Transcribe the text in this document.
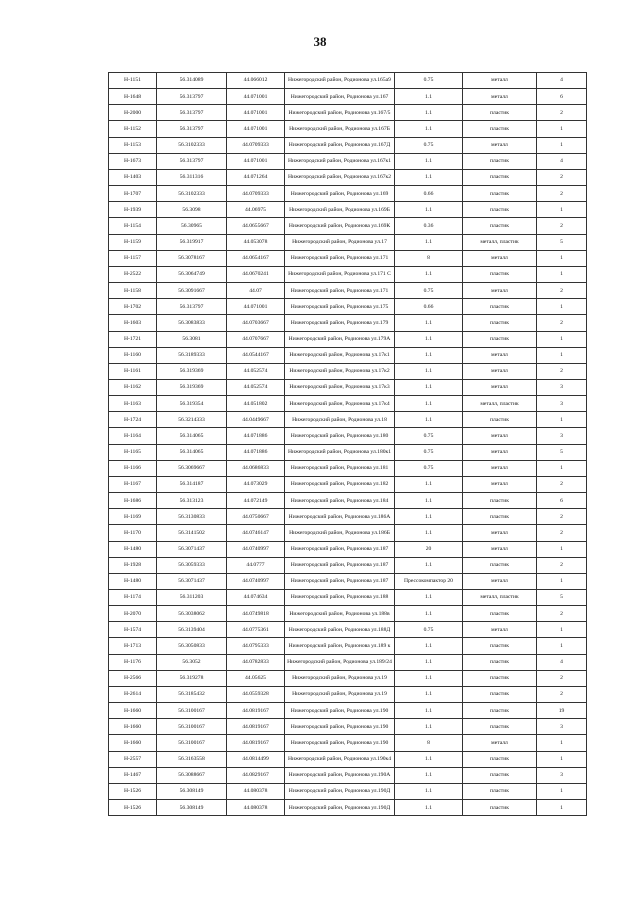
38
Н-1151	56.314089	44.066012	Нижегородский район, Родионова ул.165а9	0.75	металл	4
Н-1648	56.313797	44.071001	Нижегородский район, Родионова ул.167	1.1	металл	6
Н-2000	56.313797	44.071001	Нижегородский район, Родионова ул.167/5	1.1	пластик	2
Н-1152	56.313797	44.071001	Нижегородский район, Родионова ул.167Б	1.1	пластик	1
Н-1153	56.3102333	44.0709333	Нижегородский район, Родионова ул.167Д	0.75	металл	1
Н-1673	56.313797	44.071001	Нижегородский район, Родионова ул.167к1	1.1	пластик	4
Н-1403	56.311316	44.071264	Нижегородский район, Родионова ул.167к2	1.1	пластик	2
Н-1707	56.3102333	44.0709333	Нижегородский район, Родионова ул.169	0.66	пластик	2
Н-1939	56.3098	44.06975	Нижегородский район, Родионова ул.169Б	1.1	пластик	1
Н-1154	56.30965	44.0655667	Нижегородский район, Родионова ул.169К	0.36	пластик	2
Н-1159	56.319917	44.053078	Нижегородский район, Родионова ул.17	1.1	металл, пластик	5
Н-1157	56.3078167	44.0654167	Нижегородский район, Родионова ул.171	8	металл	1
Н-2522	56.3064749	44.0670241	Нижегородский район, Родионова ул.171 С	1.1	пластик	1
Н-1158	56.3091667	44.07	Нижегородский район, Родионова ул.171	0.75	металл	2
Н-1702	56.313797	44.071001	Нижегородский район, Родионова ул.175	0.66	пластик	1
Н-1603	56.3083833	44.0703667	Нижегородский район, Родионова ул.179	1.1	пластик	2
Н-1721	56.3081	44.0707667	Нижегородский район, Родионова ул.179А	1.1	пластик	1
Н-1160	56.3189333	44.0544167	Нижегородский район, Родионова ул.17к1	1.1	металл	1
Н-1161	56.319369	44.052574	Нижегородский район, Родионова ул.17к2	1.1	металл	2
Н-1162	56.319369	44.052574	Нижегородский район, Родионова ул.17к3	1.1	металл	3
Н-1163	56.319354	44.051802	Нижегородский район, Родионова ул.17к4	1.1	металл, пластик	3
Н-1724	56.3214333	44.0449667	Нижегородский район, Родионова ул.18	1.1	пластик	1
Н-1164	56.314065	44.071886	Нижегородский район, Родионова ул.180	0.75	металл	3
Н-1165	56.314065	44.071886	Нижегородский район, Родионова ул.180к1	0.75	металл	5
Н-1166	56.3069667	44.0686833	Нижегородский район, Родионова ул.181	0.75	металл	1
Н-1167	56.314187	44.073029	Нижегородский район, Родионова ул.182	1.1	металл	2
Н-1686	56.313123	44.072149	Нижегородский район, Родионова ул.184	1.1	пластик	6
Н-1169	56.3130833	44.0750667	Нижегородский район, Родионова ул.186А	1.1	пластик	2
Н-1170	56.3141502	44.0746147	Нижегородский район, Родионова ул.186Б	1.1	металл	2
Н-1480	56.3071437	44.0740997	Нижегородский район, Родионова ул.187	20	металл	1
Н-1928	56.3059333	44.0777	Нижегородский район, Родионова ул.187	1.1	пластик	2
Н-1480	56.3071437	44.0740997	Нижегородский район, Родионова ул.187	Прессокомпактор 20	металл	1
Н-1174	56.311203	44.074634	Нижегородский район, Родионова ул.188	1.1	металл, пластик	5
Н-2070	56.3038062	44.0749818	Нижегородский район, Родионова ул.188в	1.1	пластик	2
Н-1574	56.3139404	44.0775361	Нижегородский район, Родионова ул.188Д	0.75	металл	1
Н-1713	56.3050833	44.0795333	Нижегородский район, Родионова ул.189 к	1.1	пластик	1
Н-1176	56.3052	44.0782833	Нижегородский район, Родионова ул.189/24	1.1	пластик	4
Н-2566	56.319278	44.05625	Нижегородский район, Родионова ул.19	1.1	пластик	2
Н-2614	56.3185432	44.0559328	Нижегородский район, Родионова ул.19	1.1	пластик	2
Н-1660	56.3100167	44.0819167	Нижегородский район, Родионова ул.190	1.1	пластик	19
Н-1660	56.3100167	44.0819167	Нижегородский район, Родионова ул.190	1.1	пластик	3
Н-1660	56.3100167	44.0819167	Нижегородский район, Родионова ул.190	8	металл	1
Н-2557	56.3163558	44.0814499	Нижегородский район, Родионова ул.190к4	1.1	пластик	1
Н-1467	56.3088667	44.0829167	Нижегородский район, Родионова ул.190А	1.1	пластик	3
Н-1526	56.308149	44.080378	Нижегородский район, Родионова ул.190Д	1.1	пластик	1
Н-1526	56.308149	44.080378	Нижегородский район, Родионова ул.190Д	1.1	пластик	1
